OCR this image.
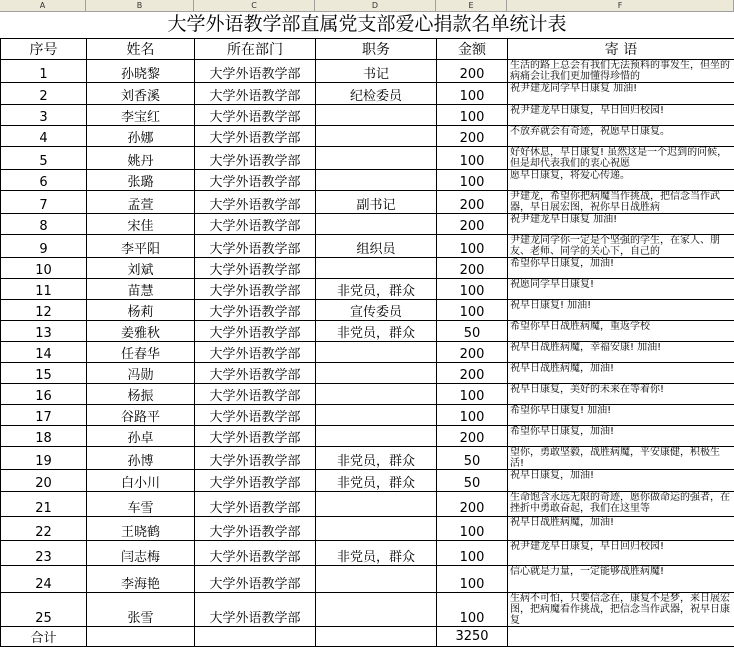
A	B	C	D	E	F
大学外语教学部直属党支部爱心捐款名单统计表
序号	姓名	所在部门	职务	金额	寄 语
1	孙晓黎	大学外语教学部	书记	200	生活的路上总会有我们无法预料的事发生，但坐的病痛会让我们更加懂得珍惜的
2	刘香溪	大学外语教学部	纪检委员	100	祝尹建龙同学早日康复 加油!
3	李宝红	大学外语教学部		100	祝尹建龙早日康复，早日回归校园!
4	孙娜	大学外语教学部		200	不放弃就会有奇迹，祝愿早日康复。
5	姚丹	大学外语教学部		100	好好休息，早日康复! 虽然这是一个迟到的问候，但是却代表我们的衷心祝愿
6	张璐	大学外语教学部		100	愿早日康复，将爱心传递。
7	孟萱	大学外语教学部	副书记	200	尹建龙，希望你把病魔当作挑战，把信念当作武器，早日展宏图，祝你早日战胜病
8	宋佳	大学外语教学部		200	祝尹建龙早日康复 加油!
9	李平阳	大学外语教学部	组织员	100	尹建龙同学你一定是个坚强的学生，在家人、朋友、老师、同学的关心下，自己的
10	刘斌	大学外语教学部		200	希望你早日康复，加油!
11	苗慧	大学外语教学部	非党员，群众	100	祝愿同学早日康复!
12	杨莉	大学外语教学部	宣传委员	100	祝早日康复! 加油!
13	姜雅秋	大学外语教学部	非党员，群众	50	希望你早日战胜病魔，重返学校
14	任春华	大学外语教学部		200	祝早日战胜病魔，幸福安康! 加油!
15	冯勋	大学外语教学部		200	祝早日战胜病魔，加油!
16	杨振	大学外语教学部		100	祝早日康复，美好的未来在等着你!
17	谷路平	大学外语教学部		100	希望你早日康复! 加油!
18	孙卓	大学外语教学部		200	希望你早日康复，加油!
19	孙博	大学外语教学部	非党员，群众	50	望你，勇敢坚毅，战胜病魔，平安康健，积极生活!
20	白小川	大学外语教学部	非党员，群众	50	祝早日康复，加油!
21	车雪	大学外语教学部		200	生命饱含永远无限的奇迹，愿你做命运的强者，在挫折中勇敢奋起，我们在这里等
22	王晓鹤	大学外语教学部		100	祝早日战胜病魔，加油!
23	闫志梅	大学外语教学部	非党员，群众	100	祝尹建龙早日康复，早日回归校园!
24	李海艳	大学外语教学部		100	信心就是力量，一定能够战胜病魔!
25	张雪	大学外语教学部		100	生病不可怕，只要信念在，康复不是梦，来日展宏图，把病魔看作挑战，把信念当作武器，祝早日康复
合计				3250	
